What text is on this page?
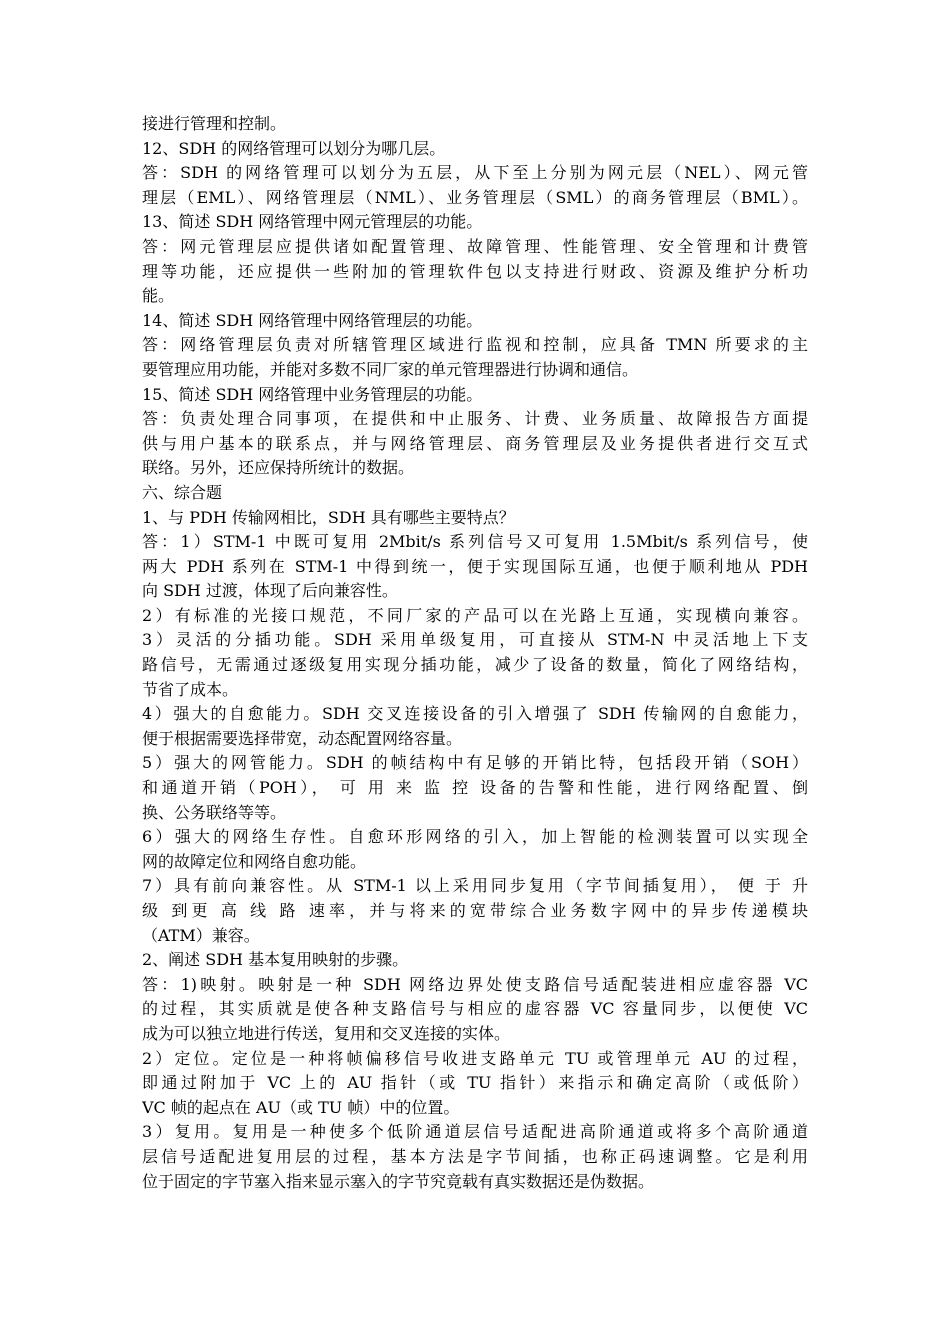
接进行管理和控制。
12、SDH 的网络管理可以划分为哪几层。
答：SDH 的网络管理可以划分为五层，从下至上分别为网元层（NEL）、网元管
理层（EML）、网络管理层（NML）、业务管理层（SML）的商务管理层（BML）。
13、简述 SDH 网络管理中网元管理层的功能。
答：网元管理层应提供诸如配置管理、故障管理、性能管理、安全管理和计费管
理等功能，还应提供一些附加的管理软件包以支持进行财政、资源及维护分析功
能。
14、简述 SDH 网络管理中网络管理层的功能。
答：网络管理层负责对所辖管理区域进行监视和控制，应具备 TMN 所要求的主
要管理应用功能，并能对多数不同厂家的单元管理器进行协调和通信。
15、简述 SDH 网络管理中业务管理层的功能。
答：负责处理合同事项，在提供和中止服务、计费、业务质量、故障报告方面提
供与用户基本的联系点，并与网络管理层、商务管理层及业务提供者进行交互式
联络。另外，还应保持所统计的数据。
六、综合题
1、与 PDH 传输网相比，SDH 具有哪些主要特点？
答：1）STM-1 中既可复用 2Mbit/s 系列信号又可复用 1.5Mbit/s 系列信号，使
两大 PDH 系列在 STM-1 中得到统一，便于实现国际互通，也便于顺利地从 PDH
向 SDH 过渡，体现了后向兼容性。
2）有标准的光接口规范，不同厂家的产品可以在光路上互通，实现横向兼容。
3）灵活的分插功能。SDH 采用单级复用，可直接从 STM-N 中灵活地上下支
路信号，无需通过逐级复用实现分插功能，减少了设备的数量，简化了网络结构，
节省了成本。
4）强大的自愈能力。SDH 交叉连接设备的引入增强了 SDH 传输网的自愈能力，
便于根据需要选择带宽，动态配置网络容量。
5）强大的网管能力。SDH 的帧结构中有足够的开销比特，包括段开销（SOH）
和通道开销（POH）， 可 用 来 监 控 设备的告警和性能，进行网络配置、倒
换、公务联络等等。
6）强大的网络生存性。自愈环形网络的引入，加上智能的检测装置可以实现全
网的故障定位和网络自愈功能。
7）具有前向兼容性。从 STM-1 以上采用同步复用（字节间插复用）， 便 于 升
级 到更 高 线 路 速率，并与将来的宽带综合业务数字网中的异步传递模块
（ATM）兼容。
2、阐述 SDH 基本复用映射的步骤。
答：1)映射。映射是一种 SDH 网络边界处使支路信号适配装进相应虚容器 VC
的过程，其实质就是使各种支路信号与相应的虚容器 VC 容量同步，以便使 VC
成为可以独立地进行传送，复用和交叉连接的实体。
2）定位。定位是一种将帧偏移信号收进支路单元 TU 或管理单元 AU 的过程，
即通过附加于 VC 上的 AU 指针（或 TU 指针）来指示和确定高阶（或低阶）
VC 帧的起点在 AU（或 TU 帧）中的位置。
3）复用。复用是一种使多个低阶通道层信号适配进高阶通道或将多个高阶通道
层信号适配进复用层的过程，基本方法是字节间插，也称正码速调整。它是利用
位于固定的字节塞入指来显示塞入的字节究竟载有真实数据还是伪数据。
